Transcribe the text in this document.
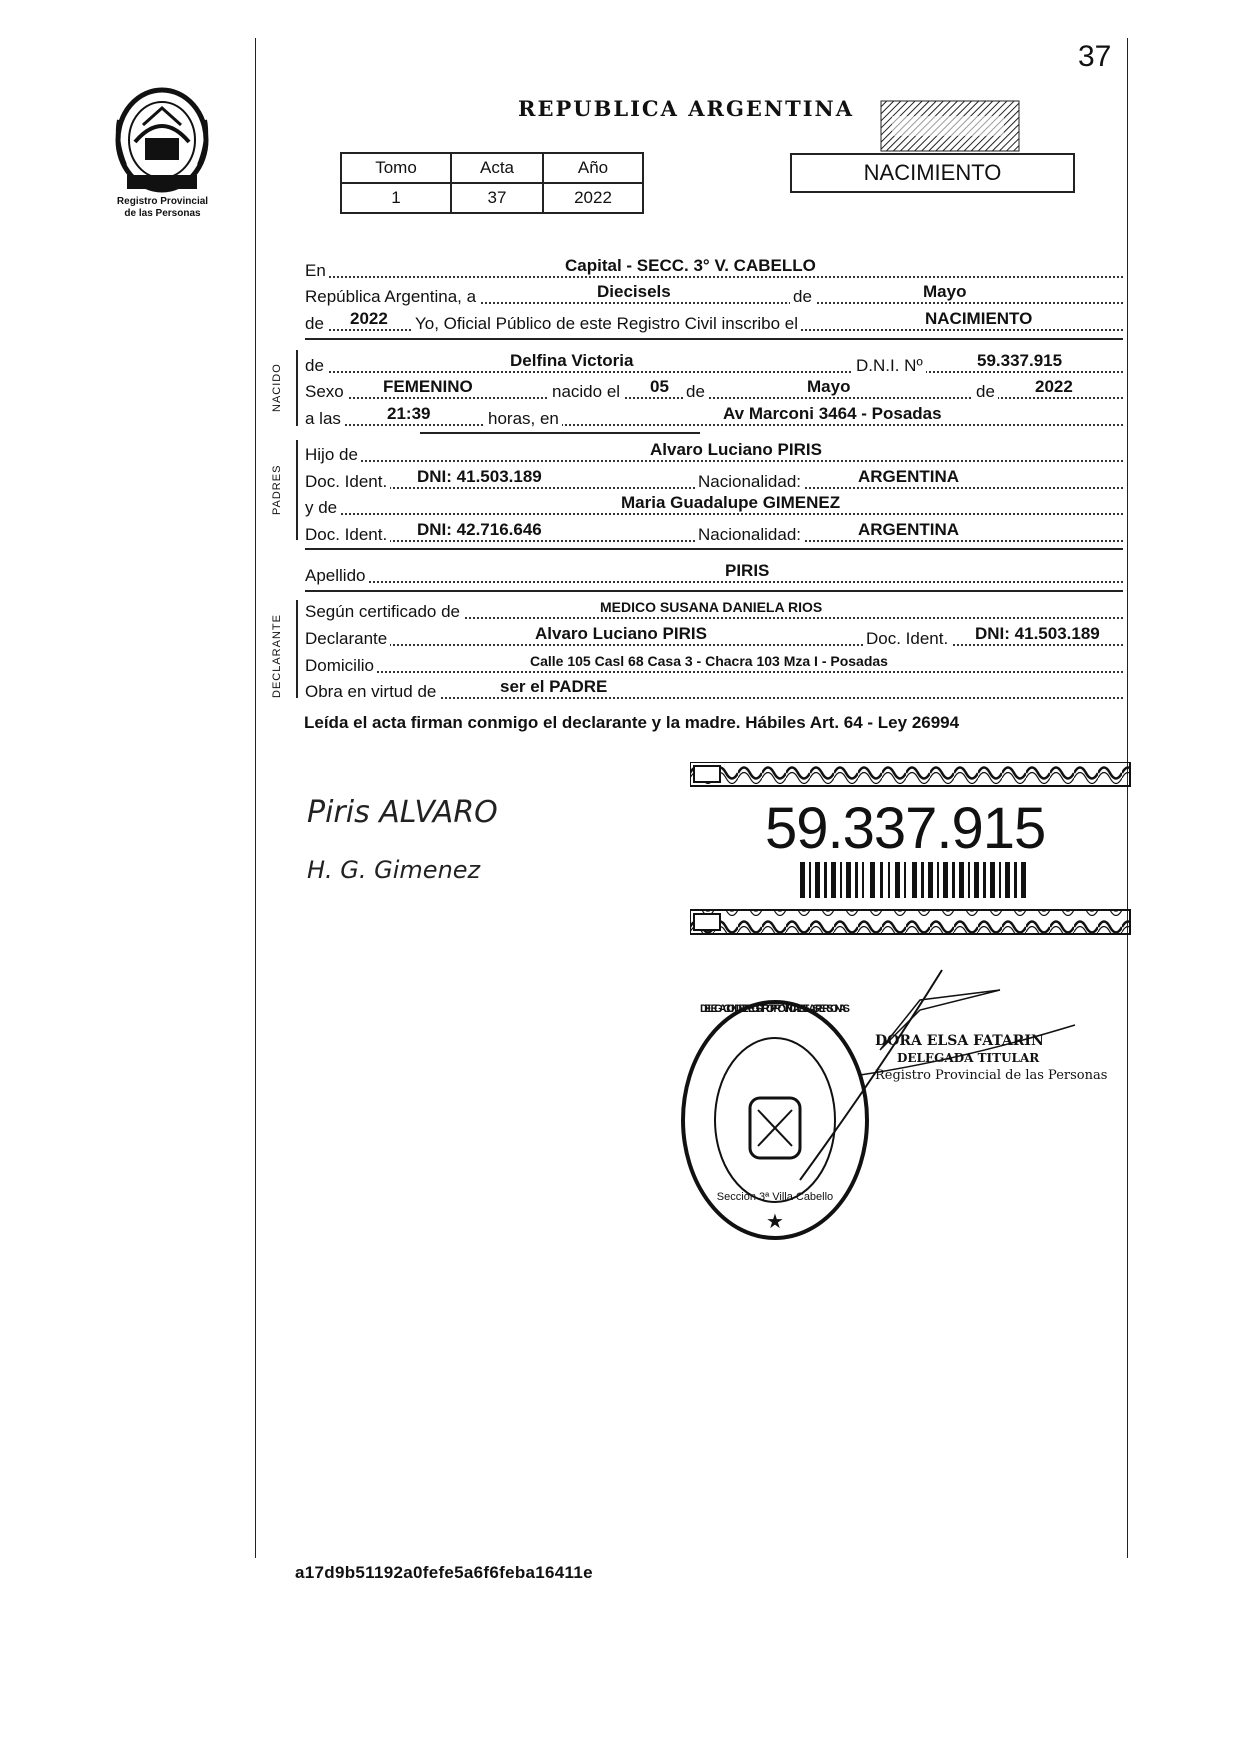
37
Registro Provincial
de las Personas
REPUBLICA ARGENTINA
Tomo	Acta	Año
1	37	2022
NACIMIENTO
En	Capital - SECC. 3° V. CABELLO
República Argentina, a	Diecisels	de	Mayo
de 2022 Yo, Oficial Público de este Registro Civil inscribo el	NACIMIENTO
NACIDO de	Delfina Victoria	D.N.I. Nº	59.337.915
Sexo FEMENINO	nacido el 05 de	Mayo	de 2022
a las	21:39	horas, en	Av Marconi 3464 - Posadas
PADRES
Hijo de	Alvaro Luciano PIRIS
Doc. Ident. DNI: 41.503.189	Nacionalidad:	ARGENTINA
y de	Maria Guadalupe GIMENEZ
Doc. Ident. DNI: 42.716.646	Nacionalidad:	ARGENTINA
Apellido	PIRIS
DECLARANTE
Según certificado de	MEDICO SUSANA DANIELA RIOS
Declarante	Alvaro Luciano PIRIS	Doc. Ident. DNI: 41.503.189
Domicilio	Calle 105 Casl 68 Casa 3 - Chacra 103 Mza I - Posadas
Obra en virtud de	ser el PADRE
Leída el acta firman conmigo el declarante y la madre. Hábiles Art. 64 - Ley 26994
Piris ALVARO
H. G. Gimenez
59.337.915
★
DELEGACION DEL REGISTRO PROVINCIAL DE LAS PERSONAS
Sección 3ª Villa Cabello
DORA ELSA FATARIN
DELEGADA TITULAR
Registro Provincial de las Personas
a17d9b51192a0fefe5a6f6feba16411e
